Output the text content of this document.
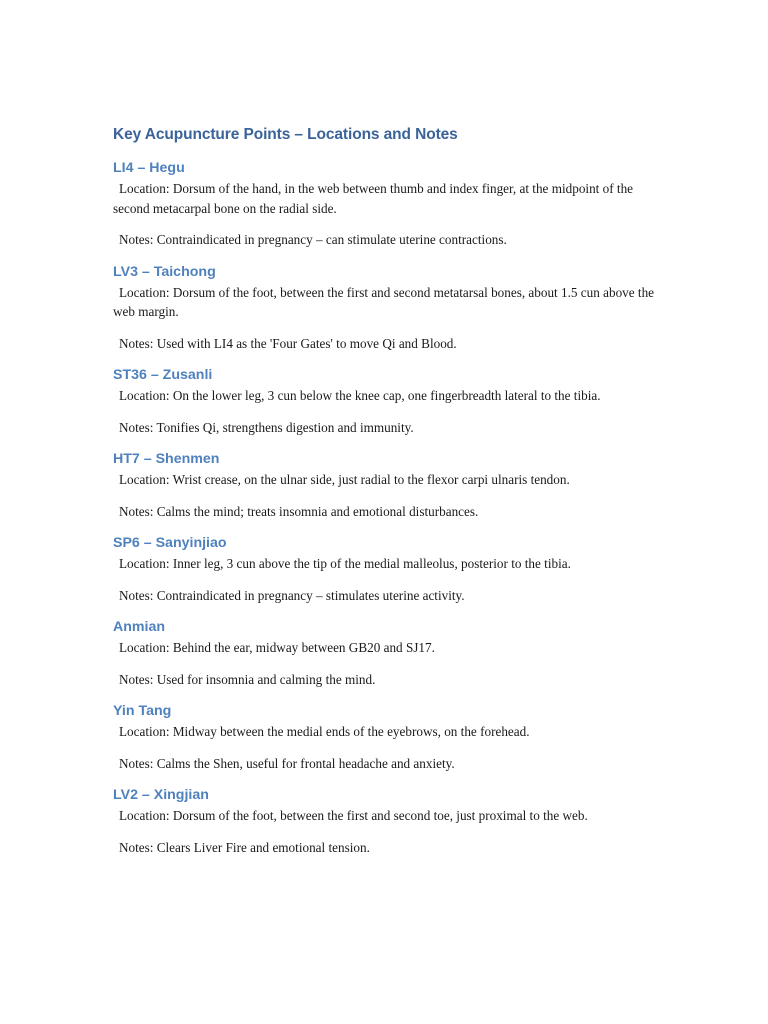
Key Acupuncture Points – Locations and Notes
LI4 – Hegu

Location: Dorsum of the hand, in the web between thumb and index finger, at the midpoint of the second metacarpal bone on the radial side.

Notes: Contraindicated in pregnancy – can stimulate uterine contractions.

LV3 – Taichong

Location: Dorsum of the foot, between the first and second metatarsal bones, about 1.5 cun above the web margin.

Notes: Used with LI4 as the 'Four Gates' to move Qi and Blood.

ST36 – Zusanli

Location: On the lower leg, 3 cun below the knee cap, one fingerbreadth lateral to the tibia.

Notes: Tonifies Qi, strengthens digestion and immunity.

HT7 – Shenmen

Location: Wrist crease, on the ulnar side, just radial to the flexor carpi ulnaris tendon.

Notes: Calms the mind; treats insomnia and emotional disturbances.

SP6 – Sanyinjiao

Location: Inner leg, 3 cun above the tip of the medial malleolus, posterior to the tibia.

Notes: Contraindicated in pregnancy – stimulates uterine activity.

Anmian

Location: Behind the ear, midway between GB20 and SJ17.

Notes: Used for insomnia and calming the mind.

Yin Tang

Location: Midway between the medial ends of the eyebrows, on the forehead.

Notes: Calms the Shen, useful for frontal headache and anxiety.

LV2 – Xingjian

Location: Dorsum of the foot, between the first and second toe, just proximal to the web.

Notes: Clears Liver Fire and emotional tension.
